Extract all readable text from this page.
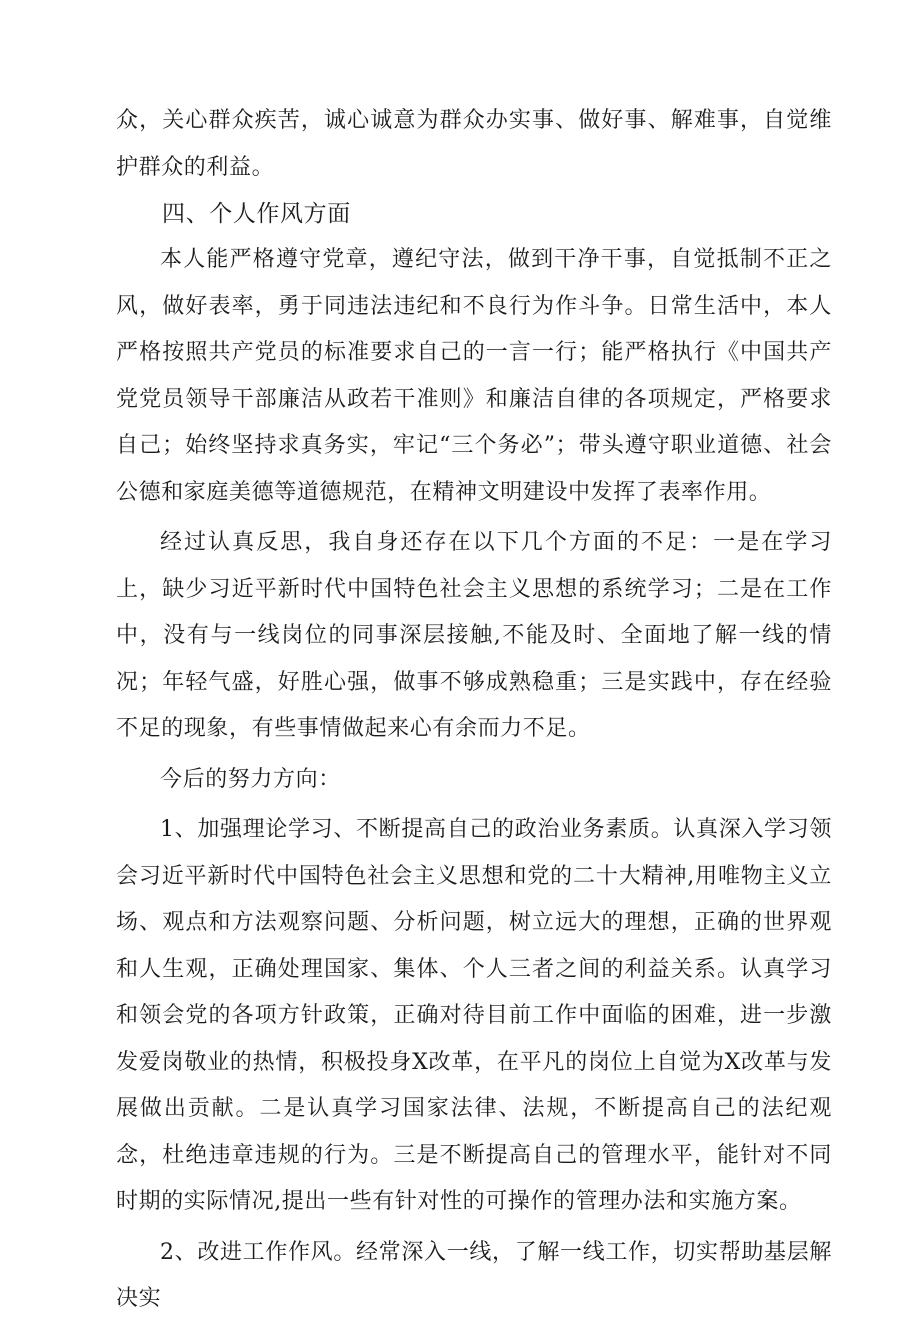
众，关心群众疾苦，诚心诚意为群众办实事、做好事、解难事，自觉维护群众的利益。

四、个人作风方面

本人能严格遵守党章，遵纪守法，做到干净干事，自觉抵制不正之风，做好表率，勇于同违法违纪和不良行为作斗争。日常生活中，本人严格按照共产党员的标准要求自己的一言一行；能严格执行《中国共产党党员领导干部廉洁从政若干准则》和廉洁自律的各项规定，严格要求自己；始终坚持求真务实，牢记“三个务必”；带头遵守职业道德、社会公德和家庭美德等道德规范，在精神文明建设中发挥了表率作用。

经过认真反思，我自身还存在以下几个方面的不足：一是在学习上，缺少习近平新时代中国特色社会主义思想的系统学习；二是在工作中，没有与一线岗位的同事深层接触,不能及时、全面地了解一线的情况；年轻气盛，好胜心强，做事不够成熟稳重；三是实践中，存在经验不足的现象，有些事情做起来心有余而力不足。

今后的努力方向：

1、加强理论学习、不断提高自己的政治业务素质。认真深入学习领会习近平新时代中国特色社会主义思想和党的二十大精神,用唯物主义立场、观点和方法观察问题、分析问题，树立远大的理想，正确的世界观和人生观，正确处理国家、集体、个人三者之间的利益关系。认真学习和领会党的各项方针政策，正确对待目前工作中面临的困难，进一步激发爱岗敬业的热情，积极投身X改革，在平凡的岗位上自觉为X改革与发展做出贡献。二是认真学习国家法律、法规，不断提高自己的法纪观念，杜绝违章违规的行为。三是不断提高自己的管理水平，能针对不同时期的实际情况,提出一些有针对性的可操作的管理办法和实施方案。

2、改进工作作风。经常深入一线，了解一线工作，切实帮助基层解决实
